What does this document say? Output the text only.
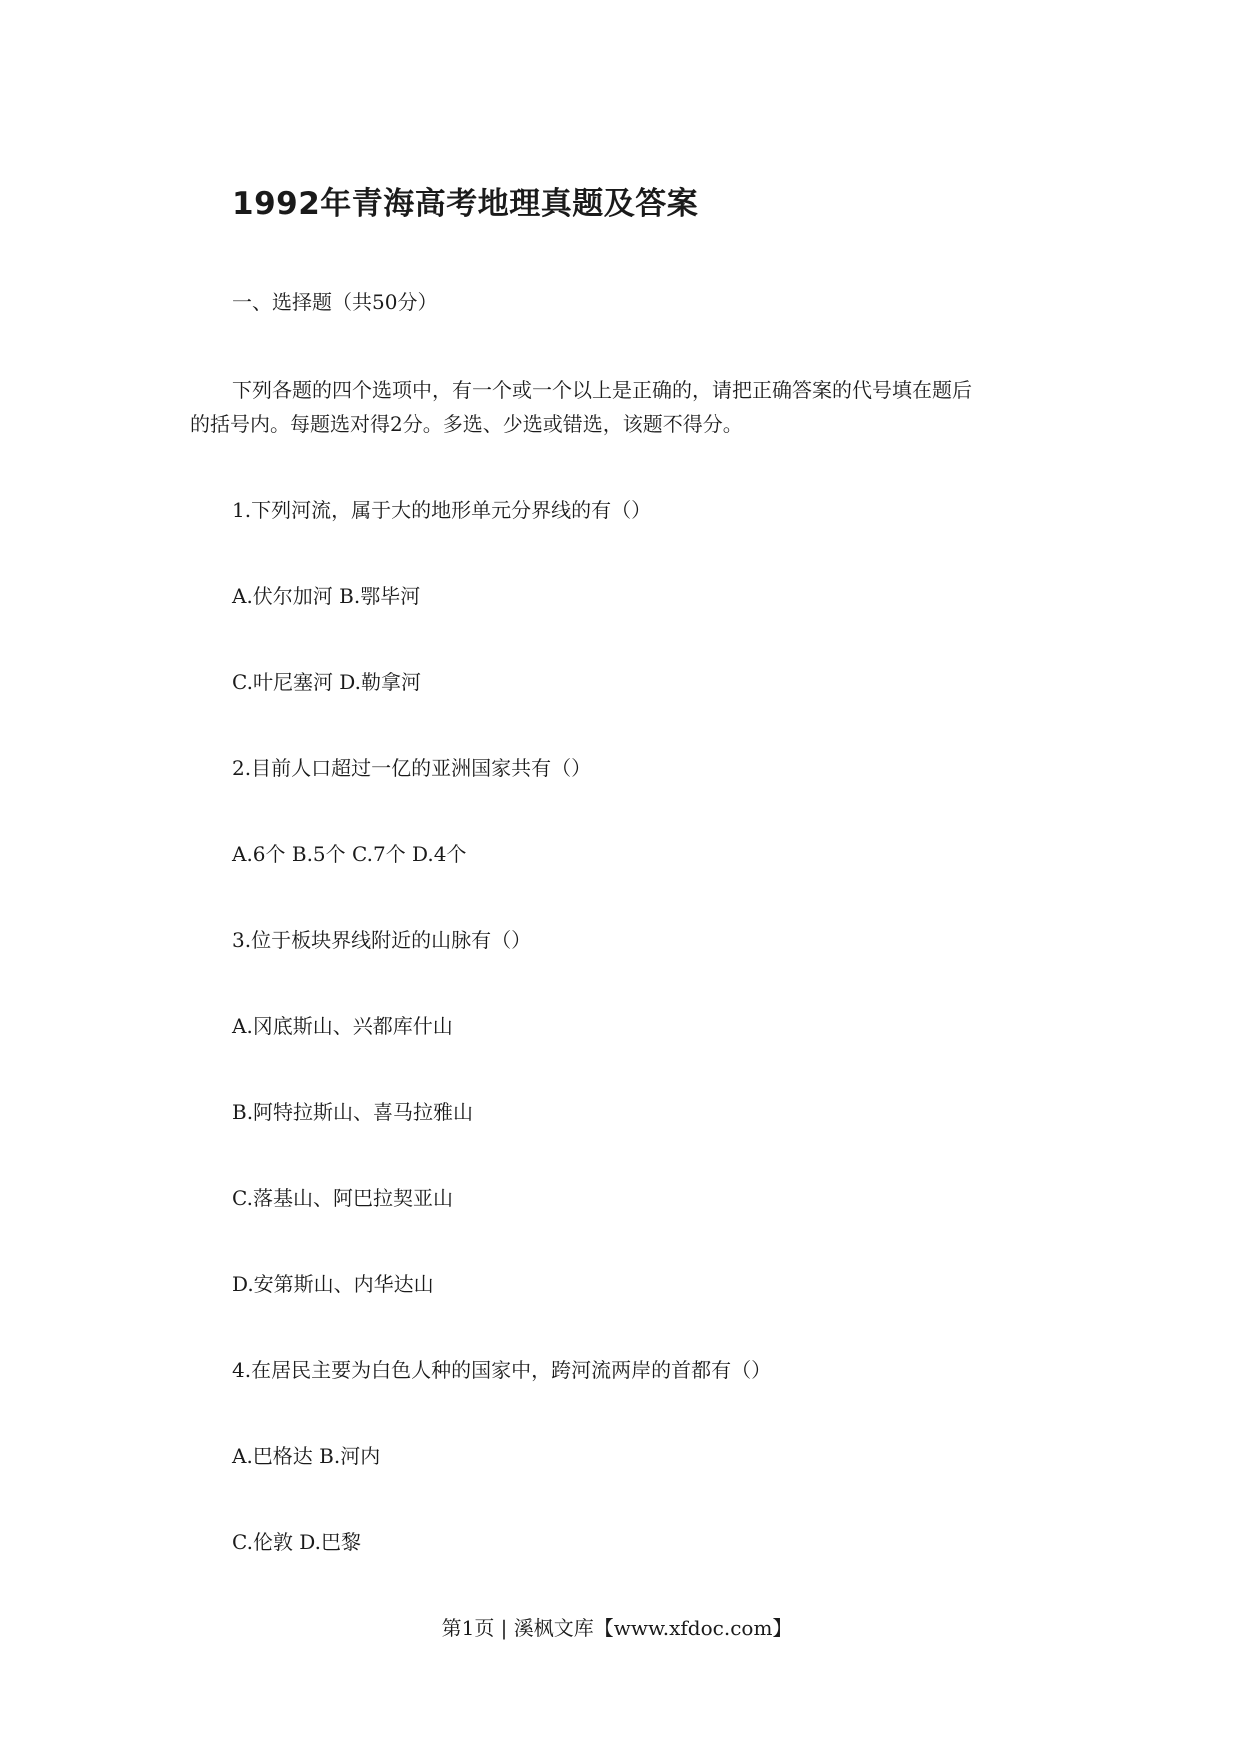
1992年青海高考地理真题及答案
一、选择题（共50分）
下列各题的四个选项中，有一个或一个以上是正确的，请把正确答案的代号填在题后
的括号内。每题选对得2分。多选、少选或错选，该题不得分。
1.下列河流，属于大的地形单元分界线的有（）
A.伏尔加河 B.鄂毕河
C.叶尼塞河 D.勒拿河
2.目前人口超过一亿的亚洲国家共有（）
A.6个 B.5个 C.7个 D.4个
3.位于板块界线附近的山脉有（）
A.冈底斯山、兴都库什山
B.阿特拉斯山、喜马拉雅山
C.落基山、阿巴拉契亚山
D.安第斯山、内华达山
4.在居民主要为白色人种的国家中，跨河流两岸的首都有（）
A.巴格达 B.河内
C.伦敦 D.巴黎
第1页 | 溪枫文库【www.xfdoc.com】
